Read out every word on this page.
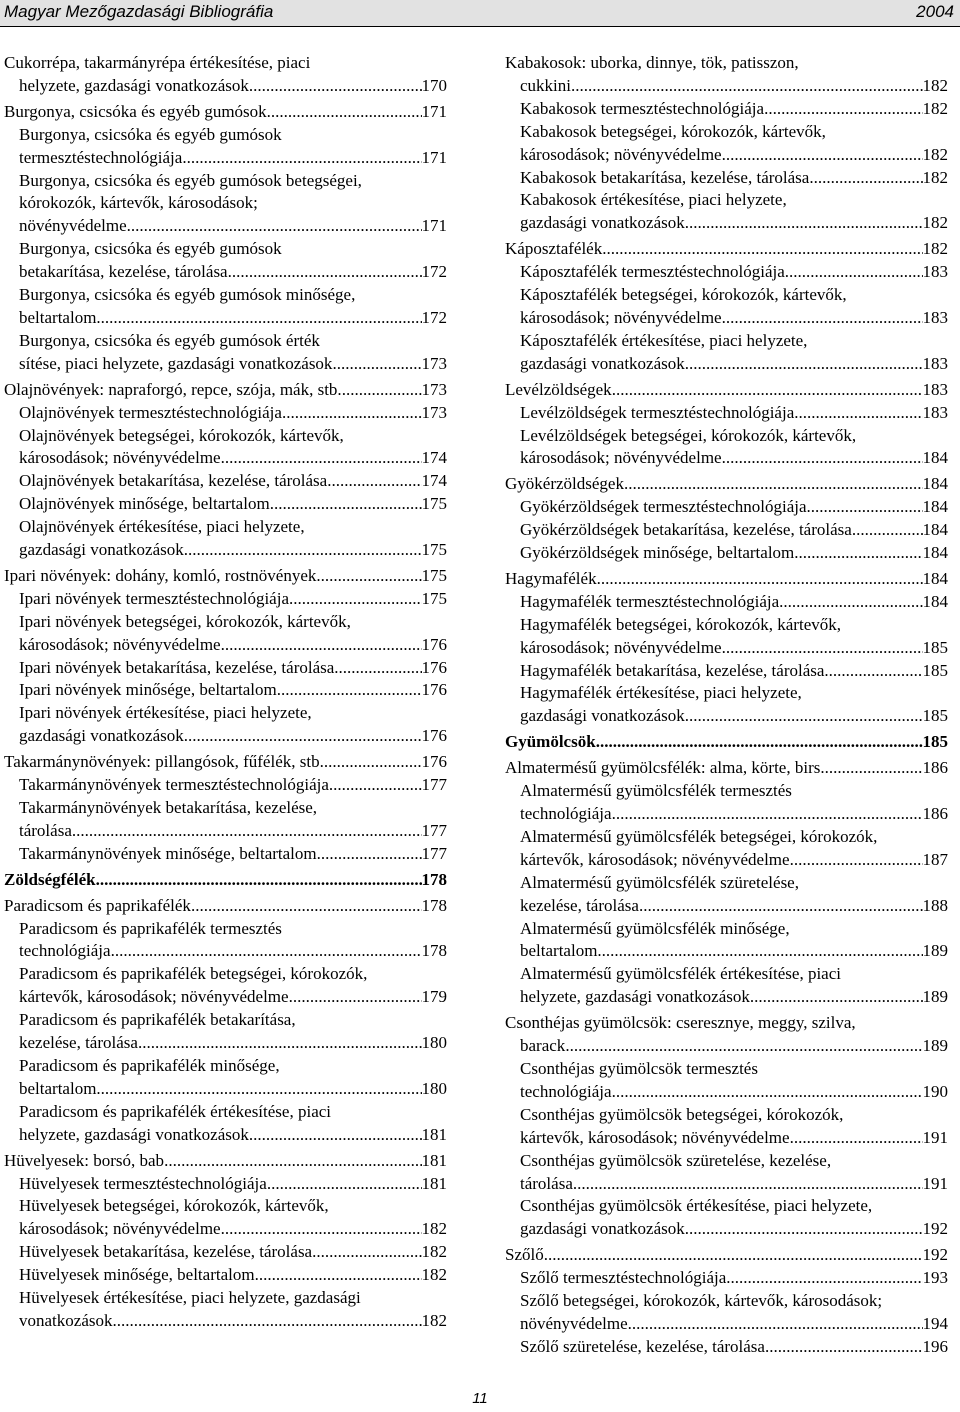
Magyar Mezőgazdasági Bibliográfia	2004
Cukorrépa, takarmányrépa értékesítése, piaci
helyzete, gazdasági vonatkozások .....	170
Burgonya, csicsóka és egyéb gumósok .....	171
Burgonya, csicsóka és egyéb gumósok
termesztéstechnológiája .....	171
Burgonya, csicsóka és egyéb gumósok betegségei,
kórokozók, kártevők, károsodások;
növényvédelme .....	171
Burgonya, csicsóka és egyéb gumósok
betakarítása, kezelése, tárolása .....	172
Burgonya, csicsóka és egyéb gumósok minősége,
beltartalom .....	172
Burgonya, csicsóka és egyéb gumósok érték
sítése, piaci helyzete, gazdasági vonatkozások .....	173
Olajnövények: napraforgó, repce, szója, mák, stb. .....	173
Olajnövények termesztéstechnológiája .....	173
Olajnövények betegségei, kórokozók, kártevők,
károsodások; növényvédelme .....	174
Olajnövények betakarítása, kezelése, tárolása .....	174
Olajnövények minősége, beltartalom .....	175
Olajnövények értékesítése, piaci helyzete,
gazdasági vonatkozások .....	175
Ipari növények: dohány, komló, rostnövények .....	175
Ipari növények termesztéstechnológiája .....	175
Ipari növények betegségei, kórokozók, kártevők,
károsodások; növényvédelme .....	176
Ipari növények betakarítása, kezelése, tárolása .....	176
Ipari növények minősége, beltartalom .....	176
Ipari növények értékesítése, piaci helyzete,
gazdasági vonatkozások .....	176
Takarmánynövények: pillangósok, fűfélék, stb. .....	176
Takarmánynövények termesztéstechnológiája .....	177
Takarmánynövények betakarítása, kezelése,
tárolása .....	177
Takarmánynövények minősége, beltartalom .....	177
Zöldségfélék .....	178
Paradicsom és paprikafélék .....	178
Paradicsom és paprikafélék termesztés
technológiája .....	178
Paradicsom és paprikafélék betegségei, kórokozók,
kártevők, károsodások; növényvédelme .....	179
Paradicsom és paprikafélék betakarítása,
kezelése, tárolása .....	180
Paradicsom és paprikafélék minősége,
beltartalom .....	180
Paradicsom és paprikafélék értékesítése, piaci
helyzete, gazdasági vonatkozások .....	181
Hüvelyesek: borsó, bab .....	181
Hüvelyesek termesztéstechnológiája .....	181
Hüvelyesek betegségei, kórokozók, kártevők,
károsodások; növényvédelme .....	182
Hüvelyesek betakarítása, kezelése, tárolása .....	182
Hüvelyesek minősége, beltartalom .....	182
Hüvelyesek értékesítése, piaci helyzete, gazdasági
vonatkozások .....	182
Kabakosok: uborka, dinnye, tök, patisszon,
cukkini .....	182
Kabakosok termesztéstechnológiája .....	182
Kabakosok betegségei, kórokozók, kártevők,
károsodások; növényvédelme .....	182
Kabakosok betakarítása, kezelése, tárolása .....	182
Kabakosok értékesítése, piaci helyzete,
gazdasági vonatkozások .....	182
Káposztafélék .....	182
Káposztafélék termesztéstechnológiája .....	183
Káposztafélék betegségei, kórokozók, kártevők,
károsodások; növényvédelme .....	183
Káposztafélék értékesítése, piaci helyzete,
gazdasági vonatkozások .....	183
Levélzöldségek .....	183
Levélzöldségek termesztéstechnológiája .....	183
Levélzöldségek betegségei, kórokozók, kártevők,
károsodások; növényvédelme .....	184
Gyökérzöldségek .....	184
Gyökérzöldségek termesztéstechnológiája .....	184
Gyökérzöldségek betakarítása, kezelése, tárolása .....	184
Gyökérzöldségek minősége, beltartalom .....	184
Hagymafélék .....	184
Hagymafélék termesztéstechnológiája .....	184
Hagymafélék betegségei, kórokozók, kártevők,
károsodások; növényvédelme .....	185
Hagymafélék betakarítása, kezelése, tárolása .....	185
Hagymafélék értékesítése, piaci helyzete,
gazdasági vonatkozások .....	185
Gyümölcsök .....	185
Almatermésű gyümölcsfélék: alma, körte, birs .....	186
Almatermésű gyümölcsfélék termesztés
technológiája .....	186
Almatermésű gyümölcsfélék betegségei, kórokozók,
kártevők, károsodások; növényvédelme .....	187
Almatermésű gyümölcsfélék szüretelése,
kezelése, tárolása .....	188
Almatermésű gyümölcsfélék minősége,
beltartalom .....	189
Almatermésű gyümölcsfélék értékesítése, piaci
helyzete, gazdasági vonatkozások .....	189
Csonthéjas gyümölcsök: cseresznye, meggy, szilva,
barack .....	189
Csonthéjas gyümölcsök termesztés
technológiája .....	190
Csonthéjas gyümölcsök betegségei, kórokozók,
kártevők, károsodások; növényvédelme .....	191
Csonthéjas gyümölcsök szüretelése, kezelése,
tárolása .....	191
Csonthéjas gyümölcsök értékesítése, piaci helyzete,
gazdasági vonatkozások .....	192
Szőlő .....	192
Szőlő termesztéstechnológiája .....	193
Szőlő betegségei, kórokozók, kártevők, károsodások;
növényvédelme .....	194
Szőlő szüretelése, kezelése, tárolása .....	196
11
